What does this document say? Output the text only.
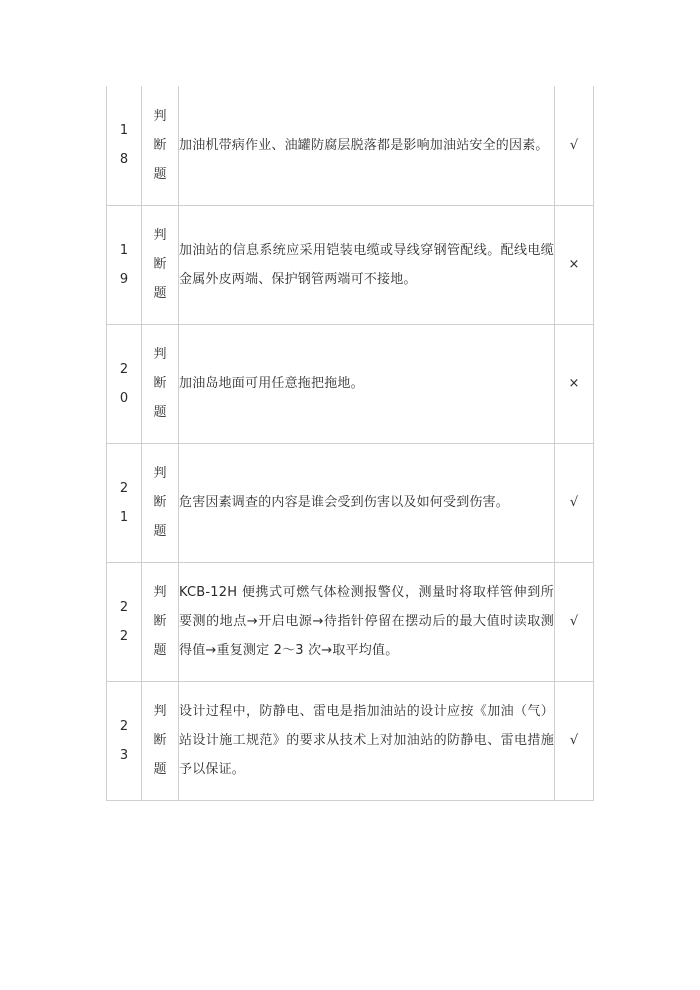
1
8	判
断
题	加油机带病作业、油罐防腐层脱落都是影响加油站安全的因素。	√

1
9	判
断
题	加油站的信息系统应采用铠装电缆或导线穿钢管配线。配线电缆金属外皮两端、保护钢管两端可不接地。	×

2
0	判
断
题	加油岛地面可用任意拖把拖地。	×

2
1	判
断
题	危害因素调查的内容是谁会受到伤害以及如何受到伤害。	√

2
2	判
断
题	KCB-12H 便携式可燃气体检测报警仪，测量时将取样管伸到所要测的地点→开启电源→待指针停留在摆动后的最大值时读取测得值→重复测定 2～3 次→取平均值。	√

2
3	判
断
题	设计过程中，防静电、雷电是指加油站的设计应按《加油（气）站设计施工规范》的要求从技术上对加油站的防静电、雷电措施予以保证。	√
